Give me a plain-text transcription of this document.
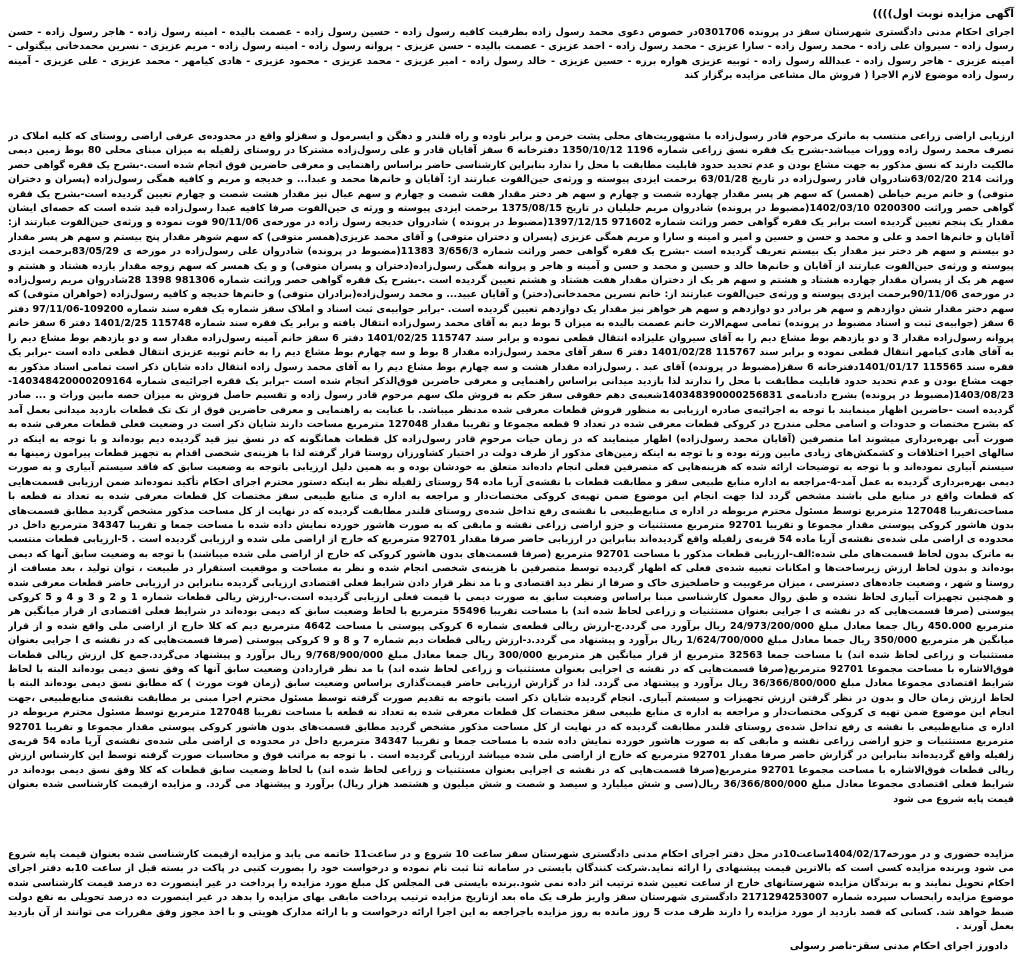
آگهی مزایده نوبت اول))))

اجرای احکام مدنی دادگستری شهرستان سقز در پرونده 0301706در خصوص دعوی محمد رسول زاده بطرفیت کافیه رسول زاده - حسین رسول زاده - عصمت بالیده - امینه رسول زاده - هاجر رسول زاده - حسن رسول زاده - سیروان علی زاده - محمد رسول زاده - سارا عزیزی - محمد رسول زاده - احمد عزیزی - عصمت بالیده - حسن عزیزی - پروانه رسول زاده - امینه رسول زاده - مریم عزیزی - نسرین محمدخانی بیگتولی - امینه عزیزی - هاجر رسول زاده - عبدالله رسول زاده - ثوبیه عزیزی هواره برزه - حسین عزیزی - خالد رسول زاده - امیر عزیزی - محمد عزیزی - محمود عزیزی - هادی کیامهر - محمد عزیزی - علی عزیزی - آمینه رسول زاده موضوع لازم الاجرا ( فروش مال مشاعی مزایده برگزار کند

ارزیابی اراضی زراعی منتسب به ماترک مرحوم قادر رسول‌زاده با مشهوریت‌های محلی پشت خرمن و برابر ناوده و راه قلندر و دهگن و ایسرمول و سقزلو واقع در محدوده‌ی عرفی اراضی روستای که کلیه املاک در تصرف محمد رسول زاده وورات میباشد-بشرح یک فقره نسق زراعی شماره 1196 1350/10/12 دفترخانه 6 سقز آقایان قادر و علی رسول‌زاده مشترکا در روستای زلفیله به میزان مبنای محلی 80 بوط زمین دیمی مالکیت دارند که نسق مذکور به جهت مشاع بودن و عدم تحدید حدود قابلیت مطابقت با محل را ندارد بنابراین کارشناسی حاضر براساس راهنمایی و معرفی حاضرین فوق انجام شده است.-بشرح یک فقره گواهی حصر وراثت 214 63/02/20شادروان قادر رسول‌زاده در تاریخ 63/01/28 برحمت ایزدی پیوسته و ورثه‌ی حین‌الفوت عبارتند از: آقایان و خانم‌ها محمد و عبدا... و خدیجه و مریم و کافیه همگی رسول‌زاده (پسران و دختران متوفی) و خانم مریم خیاطی (همسر) که سهم هر پسر مقدار چهارده شصت و چهارم و سهم هر دختر مقدار هفت شصت و چهارم و سهم عیال نیز مقدار هشت شصت و چهارم تعیین گردیده است-بشرح یک فقره گواهی حصر وراثت 0200300 1402/03/10(مضبوط در پرونده) شادروان مریم خلیلیان در تاریخ 1375/08/15 برحمت ایزدی پیوسته و ورثه ی حین‌الفوت صرفا کافیه عبدا رسول‌زاده قید شده است که حصه‌ای ایشان مقدار یک پنجم تعیین گردیده است برابر یک فقره گواهی حصر وراثت شماره 971602 1397/12/15(مضبوط در پرونده ) شادروان خدیجه رسول زاده در مورخه‌ی 90/11/06 فوت نموده و ورثه‌ی حین‌الفوت عبارتند از: آقایان و خانم‌ها احمد و علی و محمد و حسن و حسین و امیر و امینه و سارا و مریم همگی عزیزی (پسران و دختران متوفی) و آقای محمد عزیزی(همسر متوفی) که سهم شوهر مقدار پنج بیستم و سهم هر پسر مقدار دو بیستم و سهم هر دختر نیز مقدار یک بیستم تعریف گردیده است -بشرح یک فقره گواهی حصر وراثت شماره 3/656/3 11383(مضبوط در پرونده) شادروان علی رسول‌زاده در مورخه ی 83/05/29برحمت ایزدی پیوسته و ورثه‌ی حین‌الفوت عبارتند از آقایان و خانم‌ها خالد و حسین و محمد و حسن و آمینه و هاجر و پروانه همگی رسول‌زاده(دختران و پسران متوفی) و و یک همسر که سهم زوجه مقدار یازده هشتاد و هشتم و سهم هر یک از پسران مقدار چهارده هشتاد و هشتم و سهم هر یک از دختران مقدار هفت هشتاد و هشتم تعیین گردیده است .-بشرح یک فقره گواهی حصر وراثت شماره 981306 1398 28شادروان مریم رسول‌زاده در مورخه‌ی 90/11/06برحمت ایزدی پیوسته و ورثه‌ی حین‌الفوت عبارتند از: خانم نسرین محمدخانی(دختر) و آقایان عبید... و محمد رسول‌زاده(برادران متوفی) و خانم‌ها خدیجه و کافیه رسول‌زاده (خواهران متوفی) که سهم دختر مقدار شش دوازدهم و سهم هر برادر دو دوازدهم و سهم هر خواهر نیز مقدار یک دوازدهم تعیین گردیده است. -برابر جوابیه‌ی ثبت اسناد و املاک سقز شماره یک فقره سند شماره 109200-97/11/06 دفتر 6 سقز (جوابیه‌ی ثبت و اسناد مضبوط در پرونده) تمامی سهم‌الارث خانم عصمت بالیده به میزان 5 بوط دیم به آقای محمد رسول‌زاده انتقال یافته و برابر یک فقره سند شماره 115748 1401/2/25 دفتر 6 سقز خانم پروانه رسول‌زاده مقدار 3 و دو یازدهم بوط مشاع دیم را به آقای سیروان علیزاده انتقال قطعی نموده و برابر سند 115747 1401/02/25 دفتر 6 سقز خانم آمینه رسول‌زاده مقدار سه و دو یازدهم بوط مشاع دیم را به آقای هادی کیامهر انتقال قطعی نموده و برابر سند 115767 1401/02/28 دفتر 6 سقز آقای محمد رسول‌زاده مقدار 8 بوط و سه چهارم بوط مشاع دیم را به خانم ثوبیه عزیزی انتقال قطعی داده است -برابر یک فقره سند 115565 1401/01/17دفترخانه 6 سقز(مضبوط در پرونده) آقای عبد . رسول‌زاده مقدار هشت و سه چهارم بوط مشاع دیم را به آقای محمد رسول زاده انتقال داده شایان ذکر است تمامی اسناد مذکور به جهت مشاع بودن و عدم تحدید حدود قابلیت مطابقت با محل را ندارند لذا بازدید میدانی براساس راهنمایی و معرفی حاضرین فوق‌الذکر انجام شده است -برابر یک فقره اجرائیه‌ی شماره 140348420000209164-1403/08/23(مضبوط در پرونده) بشرح دادنامه‌ی 140348390000256831شعبه‌ی دهم حقوقی سقز حکم به فروش ملک سهم مرحوم قادر رسول زاده و تقسیم حاصل فروش به میزان حصه مابین وراث و ... صادر گردیده است -حاضرین اظهار مینمایند با توجه به اجرائیه‌ی صادره ارزیابی به منظور فروش قطعات معرفی شده مدنظر میباشد. با عنایت به راهنمایی و معرفی حاضرین فوق از تک تک قطعات بازدید میدانی بعمل آمد که بشرح مختصات و حدودات و اسامی محلی مندرج در کروکی قطعات معرفی شده در تعداد 9 قطعه مجموعا و تقریبا مقدار 127048 مترمربع مساحت دارند شایان ذکر است در وضعیت فعلی قطعات معرفی شده به صورت آبی بهره‌برداری میشوند اما متصرفین (آقایان محمد رسول‌زاده) اظهار مینمایند که در زمان حیات مرحوم قادر رسول‌زاده کل قطعات همانگونه که در نسق نیز قید گردیده دیم بوده‌اند و با توجه به اینکه در سالهای اخیرا اختلافات و کشمکش‌های زیادی مابین ورثه بوده و با توجه به اینکه زمین‌های مذکور از طرف دولت در اختیار کشاورزان روستا قرار گرفته لذا با هزینه‌ی شخصی اقدام به تجهیز قطعات پیرامون زمینها به سیستم آبیاری نموده‌اند و با توجه به توضیحات ارائه شده که هزینه‌هایی که متصرفین فعلی انجام داده‌اند متعلق به خودشان بوده و به همین دلیل ارزیابی باتوجه به وضعیت سابق که فاقد سیستم آبیاری و به صورت دیمی بهره‌برداری گردیده به عمل آمد-4-مراجعه به اداره منابع طبیعی سقز و مطابقت قطعات با نقشه‌ی آریا ماده 54 روستای زلفیله نظر به اینکه دستور محترم اجرای احکام تأکید نموده‌اند ضمن ارزیابی قسمت‌هایی که قطعات واقع در منابع ملی باشند مشخص گردد لذا جهت انجام این موضوع ضمن تهیه‌ی کروکی مختصات‌دار و مراجعه به اداره ی منابع طبیعی سقز مختصات کل قطعات معرفی شده به تعداد نه قطعه با مساحت‌تقریبا 127048 مترمربع توسط مسئول محترم مربوطه در اداره ی منابع‌طبیعی با نقشه‌ی رفع تداخل شده‌ی روستای قلندر مطابقت گردیده که در نهایت از کل مساحت مذکور مشخص گردید مطابق قسمت‌های بدون هاشور کروکی پیوستی مقدار مجموعا و تقریبا 92701 مترمربع مستثنیات و جزو اراضی زراعی نقشه و مابقی که به صورت هاشور خورده نمایش داده شده با مساحت جمعا و تقریبا 34347 مترمربع داخل در محدوده ی اراضی ملی شده‌ی نقشه‌ی آریا ماده 54 قریه‌ی زلفیله واقع گردیده‌اند بنابراین در ارزیابی حاضر صرفا مقدار 92701 مترمربع که خارج از اراضی ملی شده و ارزیابی گردیده است . 5-ارزیابی قطعات منتسب به ماترک بدون لحاظ قسمت‌های ملی شده:الف-ارزیابی قطعات مذکور با مساحت 92701 مترمربع (صرفا قسمت‌های بدون هاشور کروکی که خارج از اراضی ملی شده میباشند) با توجه به وضعیت سابق آنها که دیمی بوده‌اند و بدون لحاظ ارزش زیرساخت‌ها و امکانات تعبیه شده‌ی فعلی که اظهار گردیده توسط متصرفین با هزینه‌ی شخصی انجام شده و نظر به مساحت و موقعیت استقرار در طبیعت ، توان تولید ، بعد مسافت از روستا و شهر ، وضعیت جاده‌های دسترسی ، میزان مرغوبیت و حاصلخیزی خاک و صرفا از نظر دید اقتصادی و با مد نظر قرار دادن شرایط فعلی اقتصادی ارزیابی گردیده بنابراین در ارزیابی حاضر قطعات معرفی شده و همچنین تجهیزات آبیاری لحاظ نشده و طبق روال معمول کارشناسی مبنا براساس وضعیت سابق به صورت دیمی با قیمت فعلی ارزیابی گردیده است.ب-ارزش ریالی قطعات شماره 1 و 2 و 3 و 4 و 5 کروکی پیوستی (صرفا قسمت‌هایی که در نقشه ی ا جرایی بعنوان مستثنیات و زراعی لحاظ شده اند) با مساحت تقریبا 55496 مترمربع با لحاظ وضعیت سابق که دیمی بوده‌اند در شرایط فعلی اقتصادی از قرار میانگین هر مترمربع 450.000 ریال جمعا معادل مبلغ 24/973/200/000 ریال برآورد می گردد.ج-ارزش ریالی قطعه‌ی شماره 6 کروکی پیوستی با مساحت 4642 مترمربع دیم که کلا خارج از اراضی ملی واقع شده و از قرار میانگین هر مترمربع 350/000 ریال جمعا معادل مبلغ 1/624/700/000 ریال برآورد و پیشنهاد می گردد.د-ارزش ریالی قطعات دیم شماره 7 و 8 و 9 کروکی پیوستی (صرفا قسمت‌هایی که در نقشه ی ا جرایی بعنوان مستثنیات و زراعی لحاظ شده اند) با مساحت جمعا 32563 مترمربع از قرار میانگین هر مترمربع 300/000 ریال جمعا معادل مبلغ 9/768/900/000 ریال برآورد و پیشنهاد می‌گردد.جمع کل ارزش ریالی قطعات فوق‌الاشاره با مساحت مجموعا 92701 مترمربع(صرفا قسمت‌هایی که در نقشه ی اجرایی بعنوان مستثنیات و زراعی لحاظ شده اند) با مد نظر قراردادن وضعیت سابق آنها که وفق نسق دیمی بوده‌اند البته با لحاظ شرایط اقتصادی مجموعا معادل مبلغ 36/366/800/000 ریال برآورد و پیشنهاد می گردد. لذا در گزارش ارزیابی حاضر قیمت‌گذاری براساس وضعیت سابق (زمان فوت مورث ) که مطابق نسق دیمی بوده‌اند البته با لحاظ ارزش زمان حال و بدون در نظر گرفتن ارزش تجهیزات و سیستم آبیاری. انجام گردیده شایان ذکر است باتوجه به تقدیم صورت گرفته توسط مسئول محترم اجرا مبنی بر مطابقت نقشه‌ی منابع‌طبیعی ،جهت انجام این موضوع ضمن تهیه ی کروکی مختصات‌دار و مراجعه به اداره ی منابع طبیعی سقز مختصات کل قطعات معرفی شده به تعداد نه قطعه با مساحت تقریبا 127048 مترمربع توسط مسئول محترم مربوطه در اداره ی منابع‌طبیعی با نقشه ی رفع تداخل شده‌ی روستای قلندر مطابقت گردیده که در نهایت از کل مساحت مذکور مشخص گردید مطابق قسمت‌های بدون هاشور کروکی پیوستی مقدار مجموعا و تقریبا 92701 مترمربع مستثنیات و جزو اراضی زراعی نقشه و مابقی که به صورت هاشور خورده نمایش داده شده با مساحت جمعا و تقریبا 34347 مترمربع داخل در محدوده ی اراضی ملی شده‌ی نقشه‌ی آریا ماده 54 قریه‌ی زلفیله واقع گردیده‌اند بنابراین در گزارش حاضر صرفا مقدار 92701 مترمربع که خارج از اراضی ملی شده میباشد ارزیابی گردیده است . با توجه به مراتب فوق و محاسبات صورت گرفته توسط این کارشناس ارزش ریالی قطعات فوق‌الاشاره با مساحت مجموعا 92701 مترمربع(صرفا قسمت‌هایی که در نقشه ی اجرایی بعنوان مستثنیات و زراعی لحاظ شده اند) با لحاظ وضعیت سابق قطعات که کلا وفق نسق دیمی بوده‌اند در شرایط فعلی اقتصادی مجموعا معادل مبلغ 36/366/800/000 ریال(سی و شش میلیارد و سیصد و شصت و شش میلیون و هشتصد هزار ریال) برآورد و پیشنهاد می گردد. و مزایده ازقیمت کارشناسی شده بعنوان قیمت پایه شروع می شود

مزایده حضوری و در مورخه1404/02/17ساعت10در محل دفتر اجرای احکام مدنی دادگستری شهرستان سقز ساعت 10 شروع و در ساعت11 خاتمه می یابد و مزایده ازقیمت کارشناسی شده بعنوان قیمت پایه شروع می شود وبرنده مزایده کسی است که بالاترین قیمت پیشنهادی را ارائه نماید.شرکت کنندگان بایستی در سامانه ثنا ثبت نام نموده و درخواست خود را بصورت کتبی در پاکت در بسته قبل از ساعت 10به دفتر اجرای احکام تحویل نمایند و به برندگان مزایده شهرستانهای خارج از ساعت تعیین شده ترتیب اثر داده نمی شود.برنده بایستی فی المجلس کل مبلغ مورد مزایده را پرداخت در غیر اینصورت ده درصد قیمت کارشناسی شده موضوع مزایده رابحساب سپرده شماره 2171294253007 دادگستری شهرستان سقز واریز طرف یک ماه بعد ازتاریخ مزایده ترتیب پرداخت مابقی بهای مزایده را بدهد در غیر اینصورت ده درصد تحویلی به نفع دولت ضبط خواهد شد. کسانی که قصد بازدید از مورد مزایده را دارند ظرف مدت 5 روز مانده به روز مزایده باجراجعه به این اجرا ارائه درخواست و با ارائه مدارک هویتی و با اخذ مجوز وفق مقررات می توانند از آن بازدید بعمل آورند .

دادورز اجرای احکام مدنی سقز-ناصر رسولی
